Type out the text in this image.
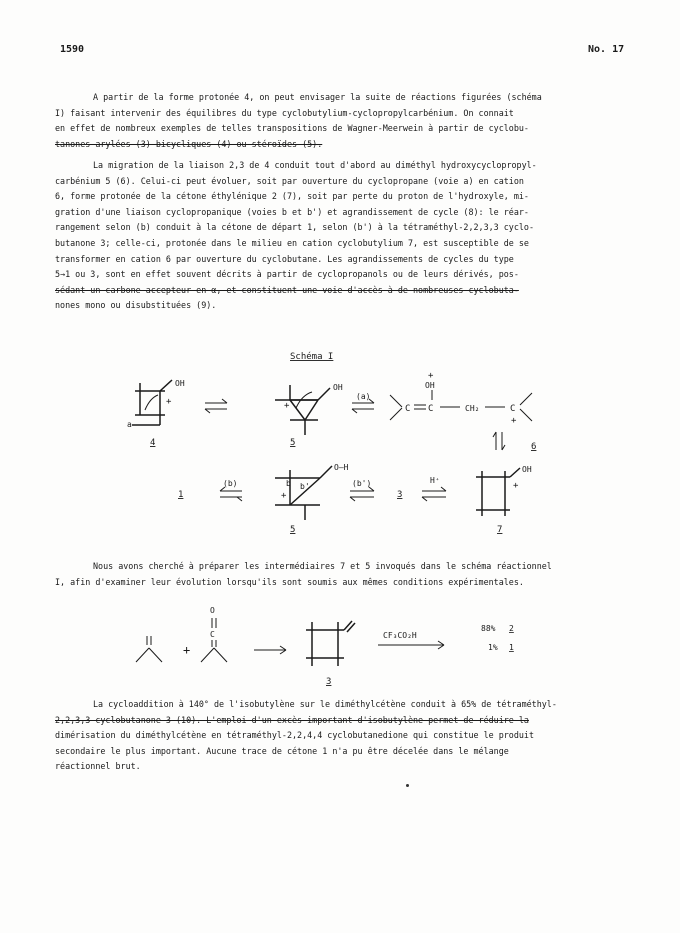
1590	No. 17

A partir de la forme protonée 4, on peut envisager la suite de réactions figurées (schéma

I) faisant intervenir des équilibres du type cyclobutylium-cyclopropylcarbénium. On connait

en effet de nombreux exemples de telles transpositions de Wagner-Meerwein à partir de cyclobu-

tanones arylées (3) bicycliques (4) ou stéroïdes (5).

La migration de la liaison 2,3 de 4 conduit tout d'abord au diméthyl hydroxycyclopropyl-

carbénium 5 (6). Celui-ci peut évoluer, soit par ouverture du cyclopropane (voie a) en cation

6, forme protonée de la cétone éthylénique 2 (7), soit par perte du proton de l'hydroxyle, mi-

gration d'une liaison cyclopropanique (voies b et b') et agrandissement de cycle (8): le réar-

rangement selon (b) conduit à la cétone de départ 1, selon (b') à la tétraméthyl-2,2,3,3 cyclo-

butanone 3; celle-ci, protonée dans le milieu en cation cyclobutylium 7, est susceptible de se

transformer en cation 6 par ouverture du cyclobutane. Les agrandissements de cycles du type

5→1 ou 3, sont en effet souvent décrits à partir de cyclopropanols ou de leurs dérivés, pos-

sédant un carbone accepteur en α, et constituent une voie d'accès à de nombreuses cyclobuta-

nones mono ou disubstituées (9).

Schéma I
OH
+
a
4
OH
+
5
(a)
C C
OH
+
CH₂	C
+
6
1
(b)
O—H
b b'
+
5
(b')
3
H⁺
OH
+
7

Nous avons cherché à préparer les intermédiaires 7 et 5 invoqués dans le schéma réactionnel

I, afin d'examiner leur évolution lorsqu'ils sont soumis aux mêmes conditions expérimentales.

+
O
C
3
CF₃CO₂H
88% 2
1% 1

La cycloaddition à 140° de l'isobutylène sur le diméthylcétène conduit à 65% de tétraméthyl-

2,2,3,3 cyclobutanone 3 (10). L'emploi d'un excès important d'isobutylène permet de réduire la

dimérisation du diméthylcétène en tétraméthyl-2,2,4,4 cyclobutanedione qui constitue le produit

secondaire le plus important. Aucune trace de cétone 1 n'a pu être décelée dans le mélange

réactionnel brut.
